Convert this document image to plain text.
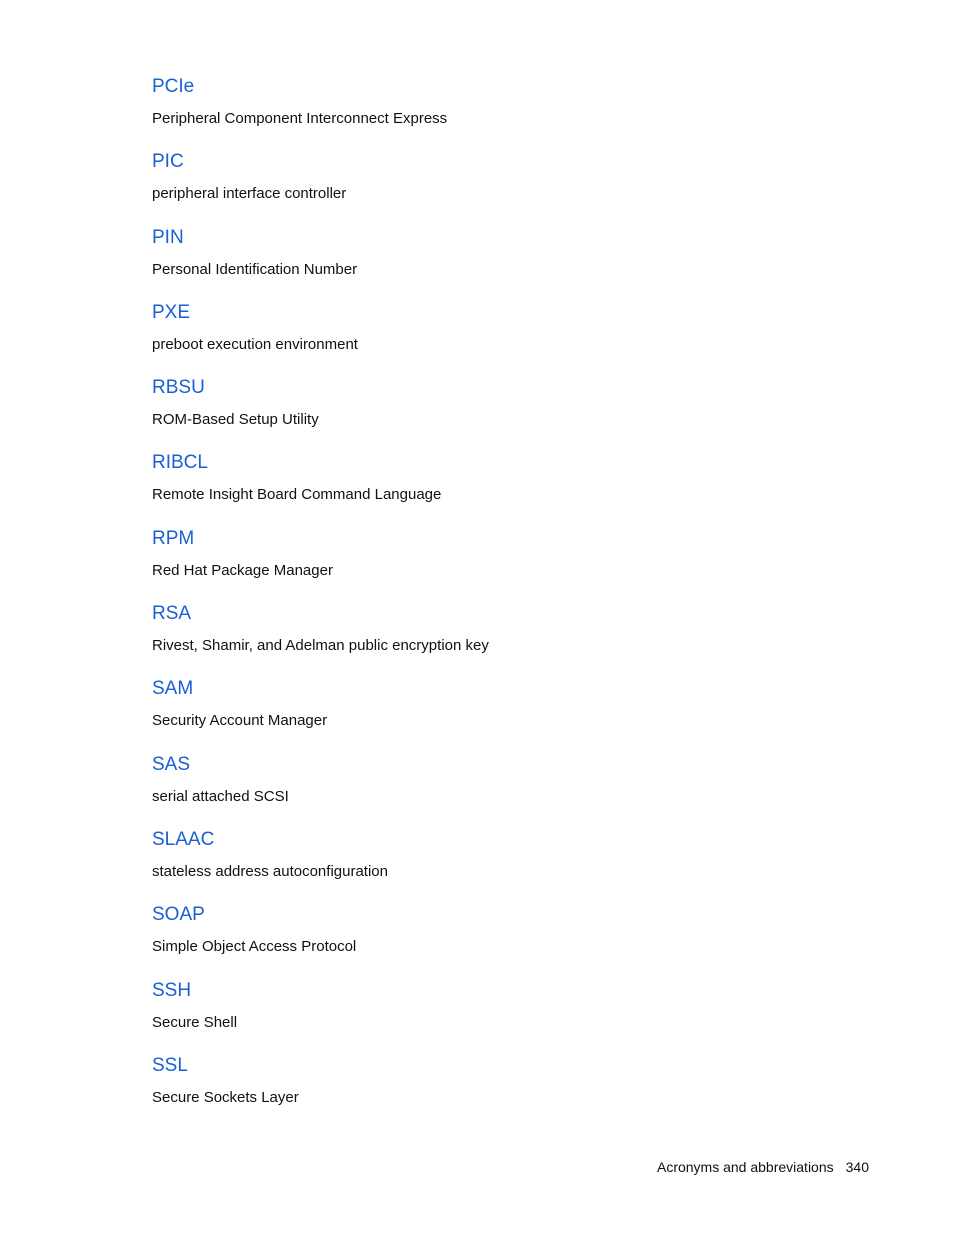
PCIe
Peripheral Component Interconnect Express
PIC
peripheral interface controller
PIN
Personal Identification Number
PXE
preboot execution environment
RBSU
ROM-Based Setup Utility
RIBCL
Remote Insight Board Command Language
RPM
Red Hat Package Manager
RSA
Rivest, Shamir, and Adelman public encryption key
SAM
Security Account Manager
SAS
serial attached SCSI
SLAAC
stateless address autoconfiguration
SOAP
Simple Object Access Protocol
SSH
Secure Shell
SSL
Secure Sockets Layer
Acronyms and abbreviations 340
